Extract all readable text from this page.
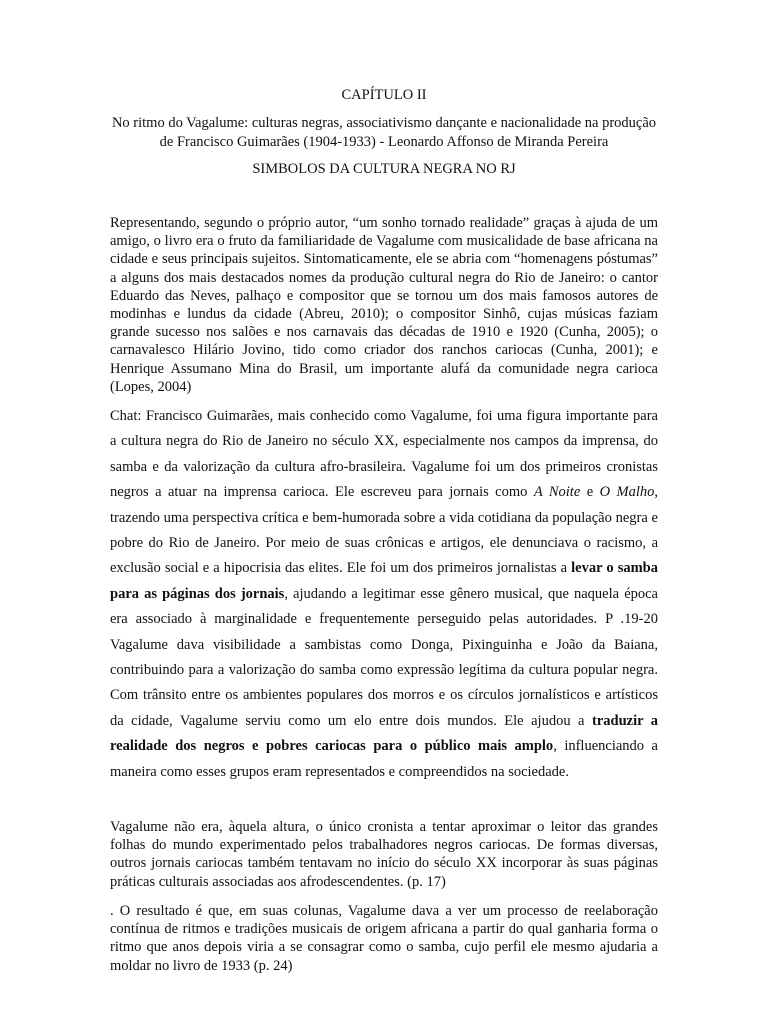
CAPÍTULO II

No ritmo do Vagalume: culturas negras, associativismo dançante e nacionalidade na produção de Francisco Guimarães (1904-1933) - Leonardo Affonso de Miranda Pereira

SIMBOLOS DA CULTURA NEGRA NO RJ

Representando, segundo o próprio autor, “um sonho tornado realidade” graças à ajuda de um amigo, o livro era o fruto da familiaridade de Vagalume com musicalidade de base africana na cidade e seus principais sujeitos. Sintomaticamente, ele se abria com “homenagens póstumas” a alguns dos mais destacados nomes da produção cultural negra do Rio de Janeiro: o cantor Eduardo das Neves, palhaço e compositor que se tornou um dos mais famosos autores de modinhas e lundus da cidade (Abreu, 2010); o compositor Sinhô, cujas músicas faziam grande sucesso nos salões e nos carnavais das décadas de 1910 e 1920 (Cunha, 2005); o carnavalesco Hilário Jovino, tido como criador dos ranchos cariocas (Cunha, 2001); e Henrique Assumano Mina do Brasil, um importante alufá da comunidade negra carioca (Lopes, 2004)

Chat: Francisco Guimarães, mais conhecido como Vagalume, foi uma figura importante para a cultura negra do Rio de Janeiro no século XX, especialmente nos campos da imprensa, do samba e da valorização da cultura afro-brasileira. Vagalume foi um dos primeiros cronistas negros a atuar na imprensa carioca. Ele escreveu para jornais como A Noite e O Malho, trazendo uma perspectiva crítica e bem-humorada sobre a vida cotidiana da população negra e pobre do Rio de Janeiro. Por meio de suas crônicas e artigos, ele denunciava o racismo, a exclusão social e a hipocrisia das elites. Ele foi um dos primeiros jornalistas a levar o samba para as páginas dos jornais, ajudando a legitimar esse gênero musical, que naquela época era associado à marginalidade e frequentemente perseguido pelas autoridades. P .19-20 Vagalume dava visibilidade a sambistas como Donga, Pixinguinha e João da Baiana, contribuindo para a valorização do samba como expressão legítima da cultura popular negra. Com trânsito entre os ambientes populares dos morros e os círculos jornalísticos e artísticos da cidade, Vagalume serviu como um elo entre dois mundos. Ele ajudou a traduzir a realidade dos negros e pobres cariocas para o público mais amplo, influenciando a maneira como esses grupos eram representados e compreendidos na sociedade.

Vagalume não era, àquela altura, o único cronista a tentar aproximar o leitor das grandes folhas do mundo experimentado pelos trabalhadores negros cariocas. De formas diversas, outros jornais cariocas também tentavam no início do século XX incorporar às suas páginas práticas culturais associadas aos afrodescendentes. (p. 17)

. O resultado é que, em suas colunas, Vagalume dava a ver um processo de reelaboração contínua de ritmos e tradições musicais de origem africana a partir do qual ganharia forma o ritmo que anos depois viria a se consagrar como o samba, cujo perfil ele mesmo ajudaria a moldar no livro de 1933 (p. 24)
